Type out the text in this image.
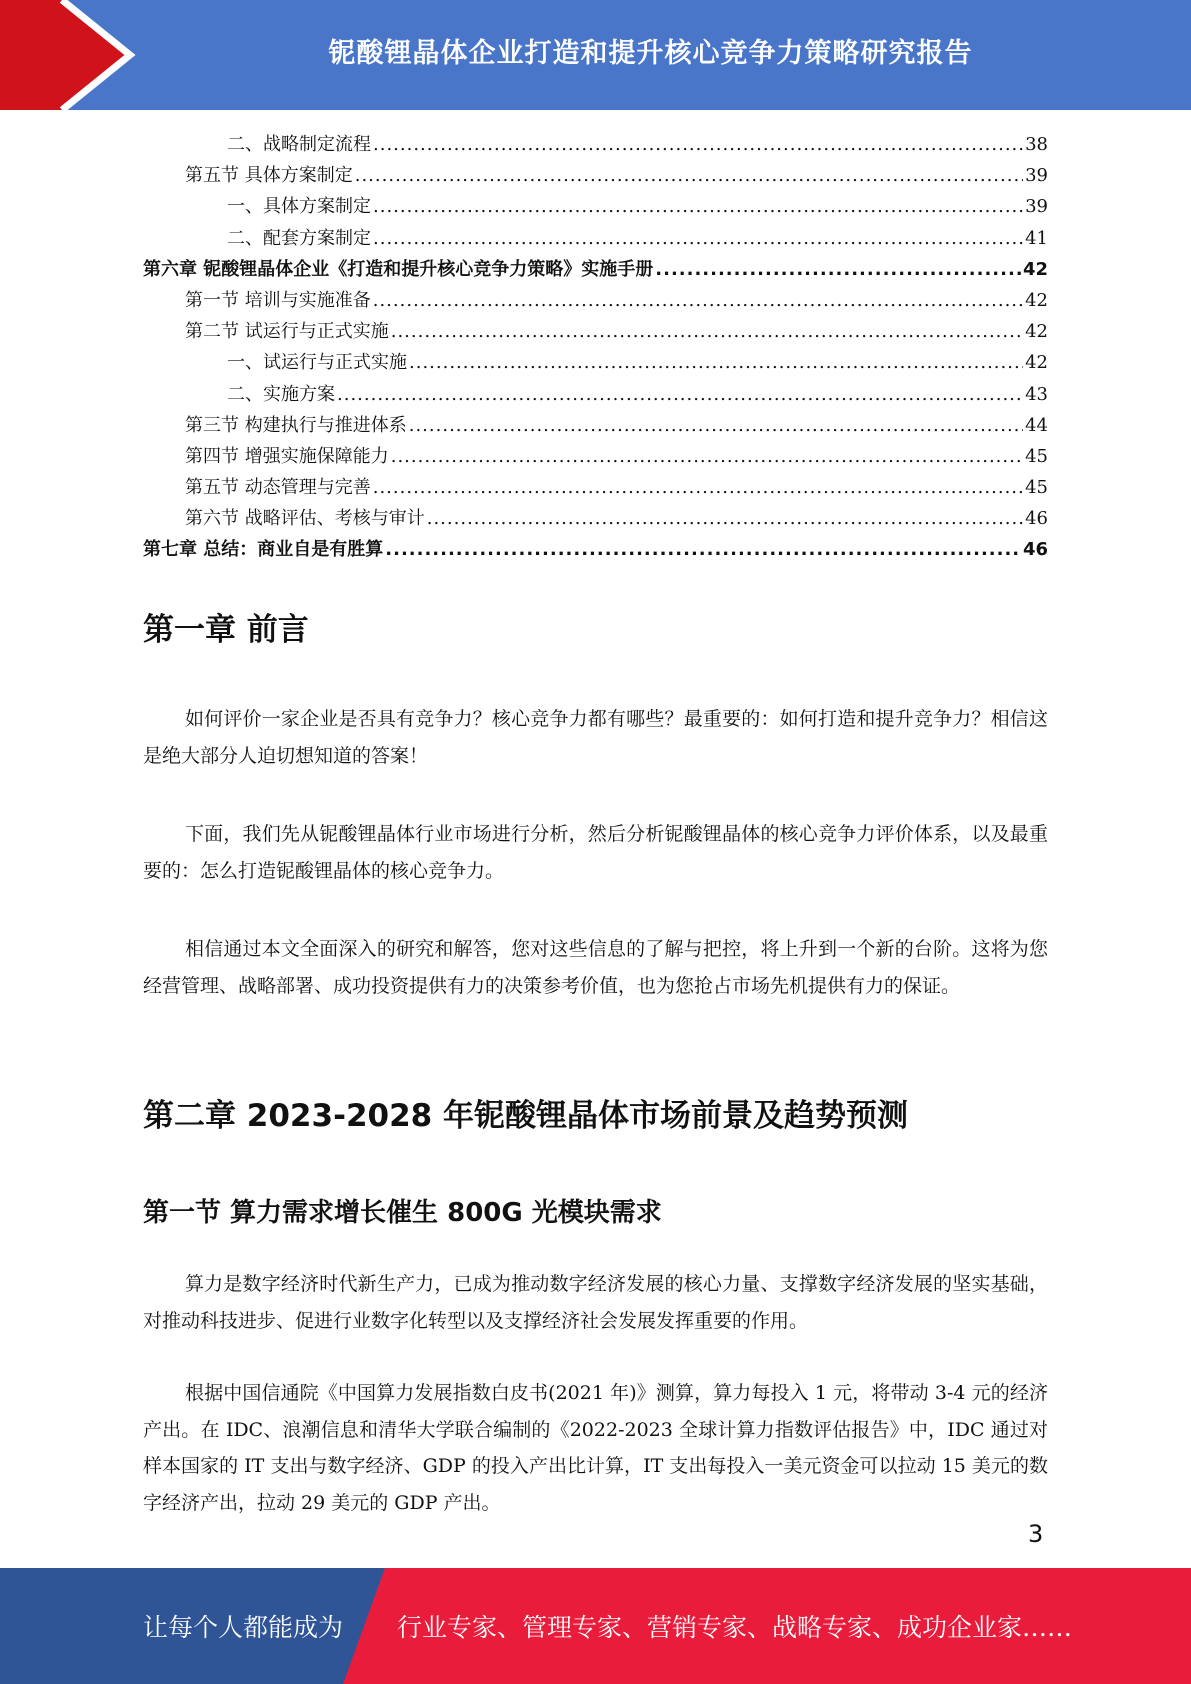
铌酸锂晶体企业打造和提升核心竞争力策略研究报告
二、战略制定流程 .....	38
第五节 具体方案制定 .....	39
一、具体方案制定 .....	39
二、配套方案制定 .....	41
第六章 铌酸锂晶体企业《打造和提升核心竞争力策略》实施手册 .....	42
第一节 培训与实施准备 .....	42
第二节 试运行与正式实施 .....	42
一、试运行与正式实施 .....	42
二、实施方案 .....	43
第三节 构建执行与推进体系 .....	44
第四节 增强实施保障能力 .....	45
第五节 动态管理与完善 .....	45
第六节 战略评估、考核与审计 .....	46
第七章 总结：商业自是有胜算 .....	46
第一章 前言

如何评价一家企业是否具有竞争力？核心竞争力都有哪些？最重要的：如何打造和提升竞争力？相信这是绝大部分人迫切想知道的答案！

下面，我们先从铌酸锂晶体行业市场进行分析，然后分析铌酸锂晶体的核心竞争力评价体系，以及最重要的：怎么打造铌酸锂晶体的核心竞争力。

相信通过本文全面深入的研究和解答，您对这些信息的了解与把控，将上升到一个新的台阶。这将为您经营管理、战略部署、成功投资提供有力的决策参考价值，也为您抢占市场先机提供有力的保证。

第二章 2023-2028 年铌酸锂晶体市场前景及趋势预测
第一节 算力需求增长催生 800G 光模块需求

算力是数字经济时代新生产力，已成为推动数字经济发展的核心力量、支撑数字经济发展的坚实基础，对推动科技进步、促进行业数字化转型以及支撑经济社会发展发挥重要的作用。

根据中国信通院《中国算力发展指数白皮书(2021 年)》测算，算力每投入 1 元，将带动 3-4 元的经济产出。在 IDC、浪潮信息和清华大学联合编制的《2022-2023 全球计算力指数评估报告》中，IDC 通过对样本国家的 IT 支出与数字经济、GDP 的投入产出比计算，IT 支出每投入一美元资金可以拉动 15 美元的数字经济产出，拉动 29 美元的 GDP 产出。

3
让每个人都能成为 行业专家、管理专家、营销专家、战略专家、成功企业家……
